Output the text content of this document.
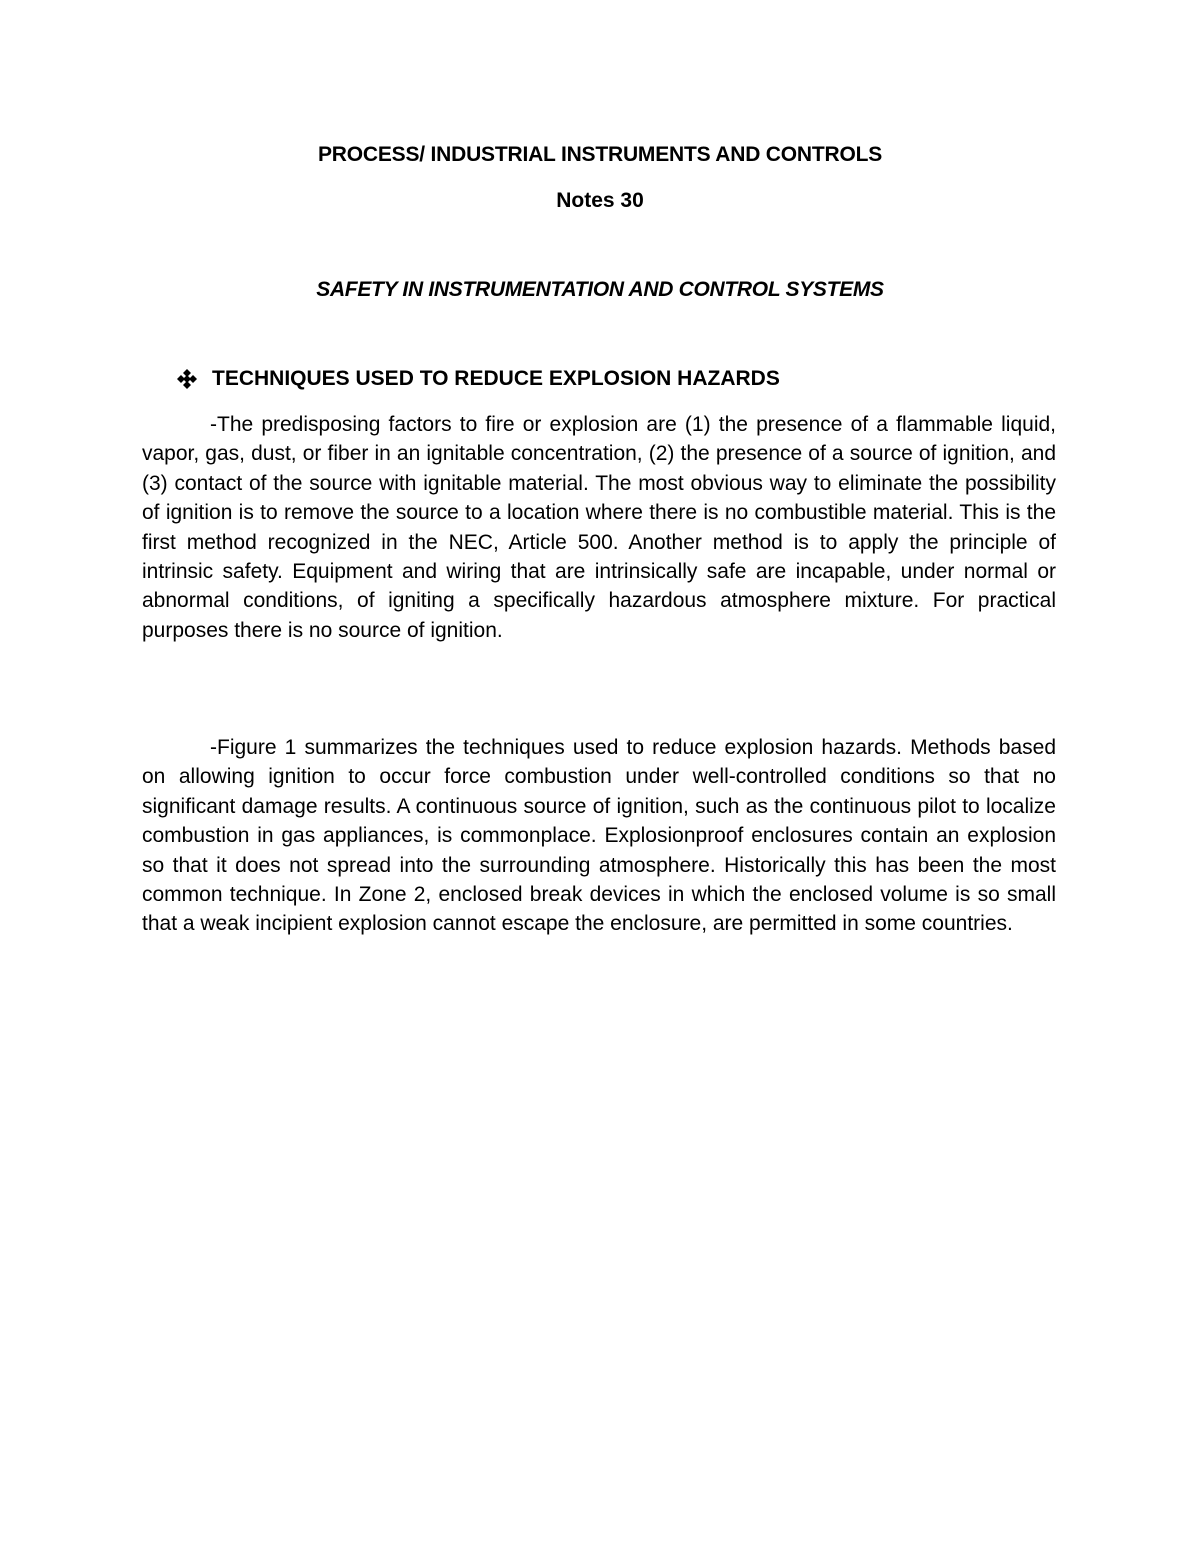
PROCESS/ INDUSTRIAL INSTRUMENTS AND CONTROLS
Notes 30
SAFETY IN INSTRUMENTATION AND CONTROL SYSTEMS
TECHNIQUES USED TO REDUCE EXPLOSION HAZARDS

-The predisposing factors to fire or explosion are (1) the presence of a flammable liquid, vapor, gas, dust, or fiber in an ignitable concentration, (2) the presence of a source of ignition, and (3) contact of the source with ignitable material. The most obvious way to eliminate the possibility of ignition is to remove the source to a location where there is no combustible material. This is the first method recognized in the NEC, Article 500. Another method is to apply the principle of intrinsic safety. Equipment and wiring that are intrinsically safe are incapable, under normal or abnormal conditions, of igniting a specifically hazardous atmosphere mixture. For practical purposes there is no source of ignition.

-Figure 1 summarizes the techniques used to reduce explosion hazards. Methods based on allowing ignition to occur force combustion under well-controlled conditions so that no significant damage results. A continuous source of ignition, such as the continuous pilot to localize combustion in gas appliances, is commonplace. Explosionproof enclosures contain an explosion so that it does not spread into the surrounding atmosphere. Historically this has been the most common technique. In Zone 2, enclosed break devices in which the enclosed volume is so small that a weak incipient explosion cannot escape the enclosure, are permitted in some countries.
